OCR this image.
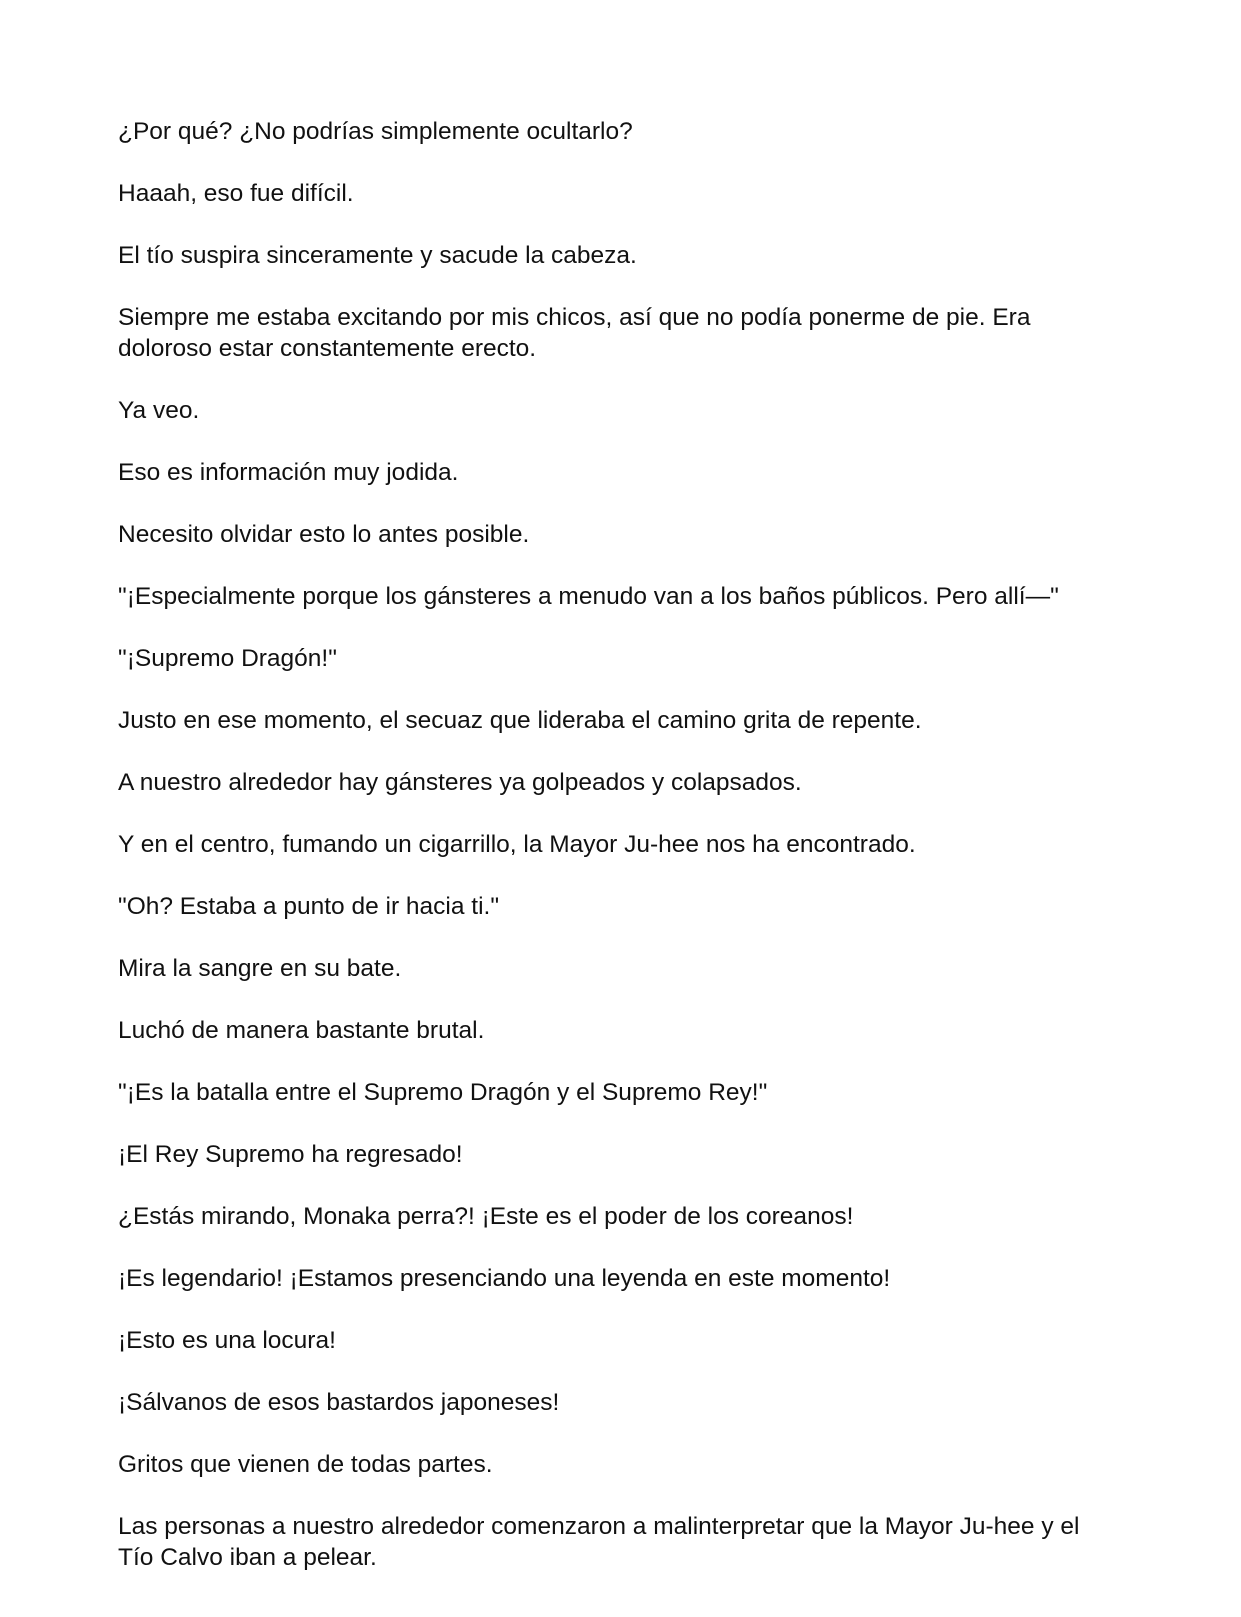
¿Por qué? ¿No podrías simplemente ocultarlo?

Haaah, eso fue difícil.

El tío suspira sinceramente y sacude la cabeza.

Siempre me estaba excitando por mis chicos, así que no podía ponerme de pie. Era doloroso estar constantemente erecto.

Ya veo.

Eso es información muy jodida.

Necesito olvidar esto lo antes posible.

"¡Especialmente porque los gánsteres a menudo van a los baños públicos. Pero allí—"

"¡Supremo Dragón!"

Justo en ese momento, el secuaz que lideraba el camino grita de repente.

A nuestro alrededor hay gánsteres ya golpeados y colapsados.

Y en el centro, fumando un cigarrillo, la Mayor Ju-hee nos ha encontrado.

"Oh? Estaba a punto de ir hacia ti."

Mira la sangre en su bate.

Luchó de manera bastante brutal.

"¡Es la batalla entre el Supremo Dragón y el Supremo Rey!"

¡El Rey Supremo ha regresado!

¿Estás mirando, Monaka perra?! ¡Este es el poder de los coreanos!

¡Es legendario! ¡Estamos presenciando una leyenda en este momento!

¡Esto es una locura!

¡Sálvanos de esos bastardos japoneses!

Gritos que vienen de todas partes.

Las personas a nuestro alrededor comenzaron a malinterpretar que la Mayor Ju-hee y el Tío Calvo iban a pelear.
